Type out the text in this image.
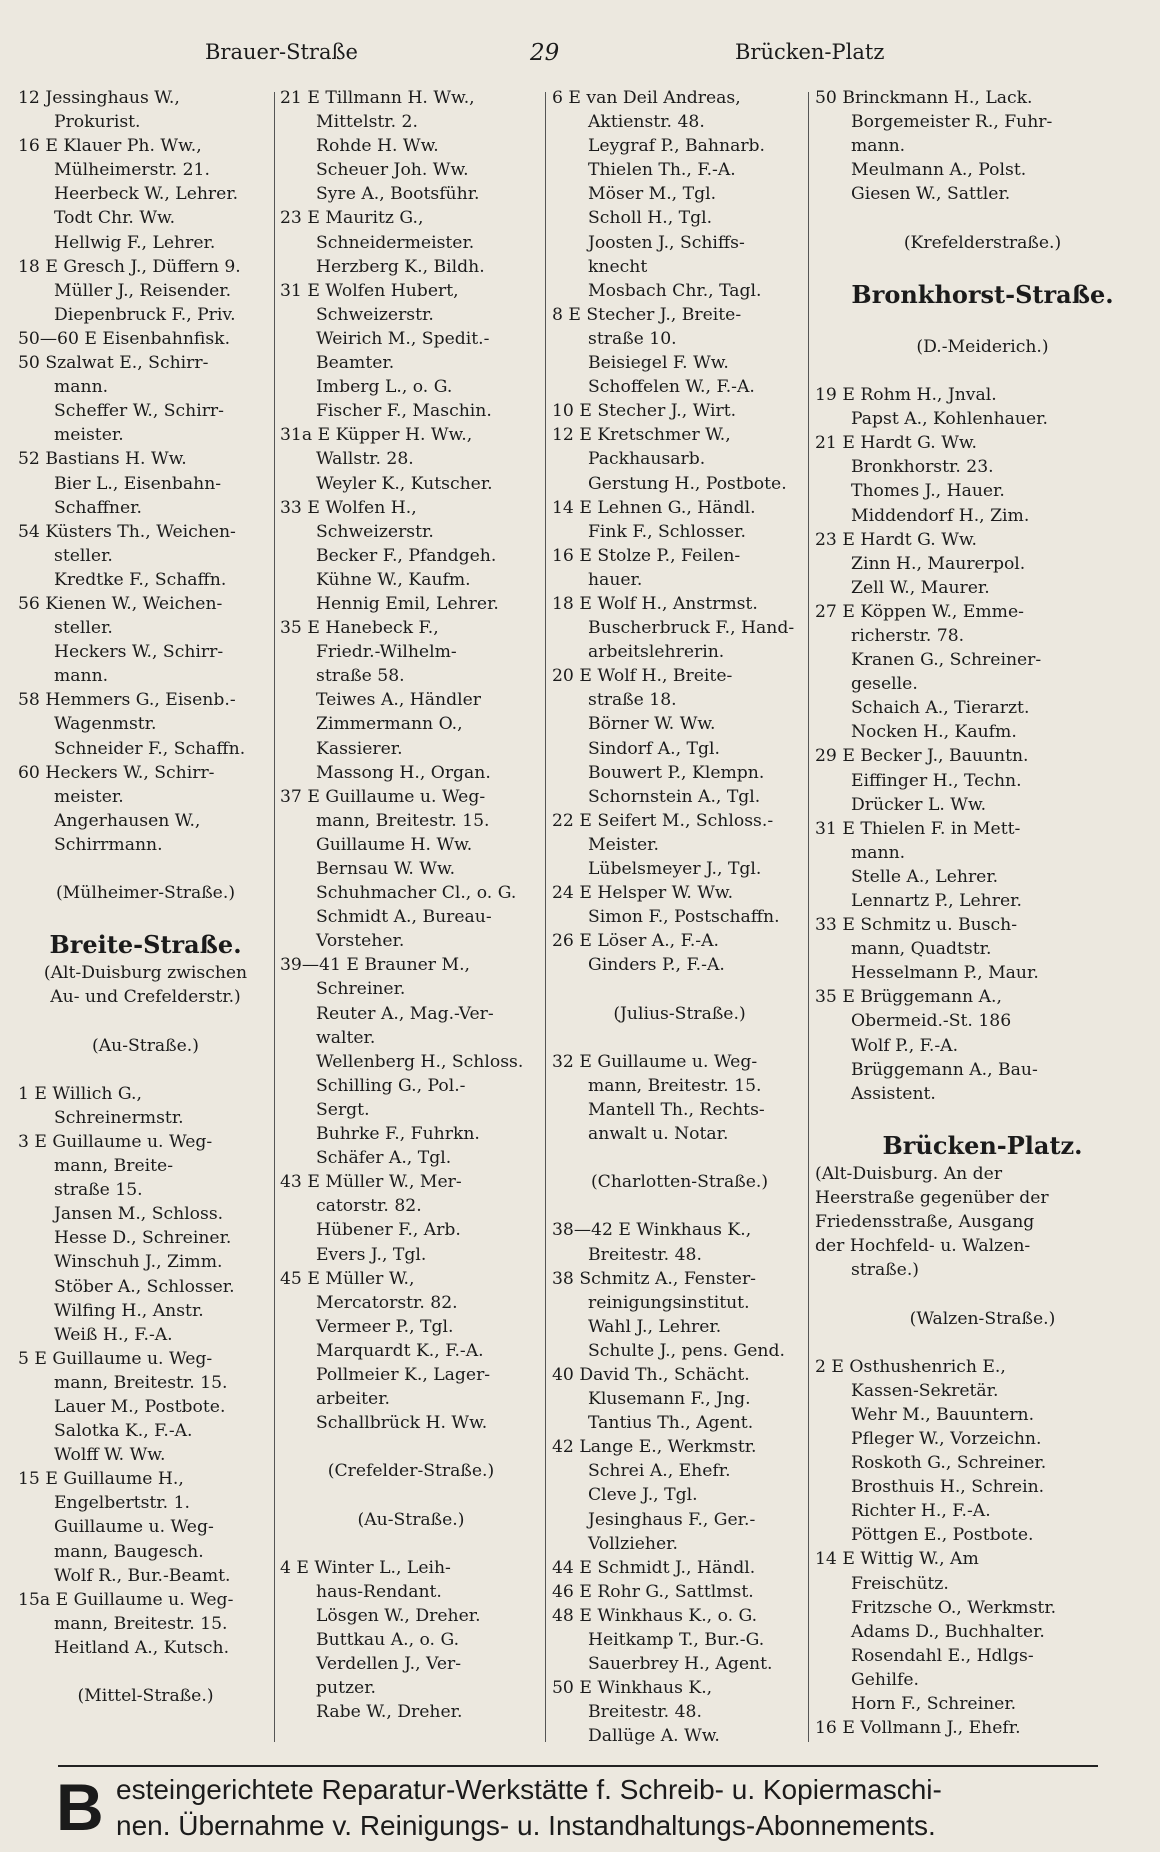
Brauer-Straße	29	Brücken-Platz
12 Jessinghaus W.,
Prokurist.
16 E Klauer Ph. Ww.,
Mülheimerstr. 21.
Heerbeck W., Lehrer.
Todt Chr. Ww.
Hellwig F., Lehrer.
18 E Gresch J., Düffern 9.
Müller J., Reisender.
Diepenbruck F., Priv.
50—60 E Eisenbahnfisk.
50 Szalwat E., Schirr-
mann.
Scheffer W., Schirr-
meister.
52 Bastians H. Ww.
Bier L., Eisenbahn-
Schaffner.
54 Küsters Th., Weichen-
steller.
Kredtke F., Schaffn.
56 Kienen W., Weichen-
steller.
Heckers W., Schirr-
mann.
58 Hemmers G., Eisenb.-
Wagenmstr.
Schneider F., Schaffn.
60 Heckers W., Schirr-
meister.
Angerhausen W.,
Schirrmann.

(Mülheimer-Straße.)

Breite-Straße.
(Alt-Duisburg zwischen
Au- und Crefelderstr.)

(Au-Straße.)

1 E Willich G.,
Schreinermstr.
3 E Guillaume u. Weg-
mann, Breite-
straße 15.
Jansen M., Schloss.
Hesse D., Schreiner.
Winschuh J., Zimm.
Stöber A., Schlosser.
Wilfing H., Anstr.
Weiß H., F.-A.
5 E Guillaume u. Weg-
mann, Breitestr. 15.
Lauer M., Postbote.
Salotka K., F.-A.
Wolff W. Ww.
15 E Guillaume H.,
Engelbertstr. 1.
Guillaume u. Weg-
mann, Baugesch.
Wolf R., Bur.-Beamt.
15a E Guillaume u. Weg-
mann, Breitestr. 15.
Heitland A., Kutsch.

(Mittel-Straße.)
21 E Tillmann H. Ww.,
Mittelstr. 2.
Rohde H. Ww.
Scheuer Joh. Ww.
Syre A., Bootsführ.
23 E Mauritz G.,
Schneidermeister.
Herzberg K., Bildh.
31 E Wolfen Hubert,
Schweizerstr.
Weirich M., Spedit.-
Beamter.
Imberg L., o. G.
Fischer F., Maschin.
31a E Küpper H. Ww.,
Wallstr. 28.
Weyler K., Kutscher.
33 E Wolfen H.,
Schweizerstr.
Becker F., Pfandgeh.
Kühne W., Kaufm.
Hennig Emil, Lehrer.
35 E Hanebeck F.,
Friedr.-Wilhelm-
straße 58.
Teiwes A., Händler
Zimmermann O.,
Kassierer.
Massong H., Organ.
37 E Guillaume u. Weg-
mann, Breitestr. 15.
Guillaume H. Ww.
Bernsau W. Ww.
Schuhmacher Cl., o. G.
Schmidt A., Bureau-
Vorsteher.
39—41 E Brauner M.,
Schreiner.
Reuter A., Mag.-Ver-
walter.
Wellenberg H., Schloss.
Schilling G., Pol.-
Sergt.
Buhrke F., Fuhrkn.
Schäfer A., Tgl.
43 E Müller W., Mer-
catorstr. 82.
Hübener F., Arb.
Evers J., Tgl.
45 E Müller W.,
Mercatorstr. 82.
Vermeer P., Tgl.
Marquardt K., F.-A.
Pollmeier K., Lager-
arbeiter.
Schallbrück H. Ww.

(Crefelder-Straße.)

(Au-Straße.)

4 E Winter L., Leih-
haus-Rendant.
Lösgen W., Dreher.
Buttkau A., o. G.
Verdellen J., Ver-
putzer.
Rabe W., Dreher.
6 E van Deil Andreas,
Aktienstr. 48.
Leygraf P., Bahnarb.
Thielen Th., F.-A.
Möser M., Tgl.
Scholl H., Tgl.
Joosten J., Schiffs-
knecht
Mosbach Chr., Tagl.
8 E Stecher J., Breite-
straße 10.
Beisiegel F. Ww.
Schoffelen W., F.-A.
10 E Stecher J., Wirt.
12 E Kretschmer W.,
Packhausarb.
Gerstung H., Postbote.
14 E Lehnen G., Händl.
Fink F., Schlosser.
16 E Stolze P., Feilen-
hauer.
18 E Wolf H., Anstrmst.
Buscherbruck F., Hand-
arbeitslehrerin.
20 E Wolf H., Breite-
straße 18.
Börner W. Ww.
Sindorf A., Tgl.
Bouwert P., Klempn.
Schornstein A., Tgl.
22 E Seifert M., Schloss.-
Meister.
Lübelsmeyer J., Tgl.
24 E Helsper W. Ww.
Simon F., Postschaffn.
26 E Löser A., F.-A.
Ginders P., F.-A.

(Julius-Straße.)

32 E Guillaume u. Weg-
mann, Breitestr. 15.
Mantell Th., Rechts-
anwalt u. Notar.

(Charlotten-Straße.)

38—42 E Winkhaus K.,
Breitestr. 48.
38 Schmitz A., Fenster-
reinigungsinstitut.
Wahl J., Lehrer.
Schulte J., pens. Gend.
40 David Th., Schächt.
Klusemann F., Jng.
Tantius Th., Agent.
42 Lange E., Werkmstr.
Schrei A., Ehefr.
Cleve J., Tgl.
Jesinghaus F., Ger.-
Vollzieher.
44 E Schmidt J., Händl.
46 E Rohr G., Sattlmst.
48 E Winkhaus K., o. G.
Heitkamp T., Bur.-G.
Sauerbrey H., Agent.
50 E Winkhaus K.,
Breitestr. 48.
Dallüge A. Ww.
50 Brinckmann H., Lack.
Borgemeister R., Fuhr-
mann.
Meulmann A., Polst.
Giesen W., Sattler.

(Krefelderstraße.)

Bronkhorst-Straße.

(D.-Meiderich.)

19 E Rohm H., Jnval.
Papst A., Kohlenhauer.
21 E Hardt G. Ww.
Bronkhorstr. 23.
Thomes J., Hauer.
Middendorf H., Zim.
23 E Hardt G. Ww.
Zinn H., Maurerpol.
Zell W., Maurer.
27 E Köppen W., Emme-
richerstr. 78.
Kranen G., Schreiner-
geselle.
Schaich A., Tierarzt.
Nocken H., Kaufm.
29 E Becker J., Bauuntn.
Eiffinger H., Techn.
Drücker L. Ww.
31 E Thielen F. in Mett-
mann.
Stelle A., Lehrer.
Lennartz P., Lehrer.
33 E Schmitz u. Busch-
mann, Quadtstr.
Hesselmann P., Maur.
35 E Brüggemann A.,
Obermeid.-St. 186
Wolf P., F.-A.
Brüggemann A., Bau-
Assistent.

Brücken-Platz.
(Alt-Duisburg. An der
Heerstraße gegenüber der
Friedensstraße, Ausgang
der Hochfeld- u. Walzen-
straße.)

(Walzen-Straße.)

2 E Osthushenrich E.,
Kassen-Sekretär.
Wehr M., Bauuntern.
Pfleger W., Vorzeichn.
Roskoth G., Schreiner.
Brosthuis H., Schrein.
Richter H., F.-A.
Pöttgen E., Postbote.
14 E Wittig W., Am
Freischütz.
Fritzsche O., Werkmstr.
Adams D., Buchhalter.
Rosendahl E., Hdlgs-
Gehilfe.
Horn F., Schreiner.
16 E Vollmann J., Ehefr.
B esteingerichtete Reparatur-Werkstätte f. Schreib- u. Kopiermaschi-
nen. Übernahme v. Reinigungs- u. Instandhaltungs-Abonnements.
